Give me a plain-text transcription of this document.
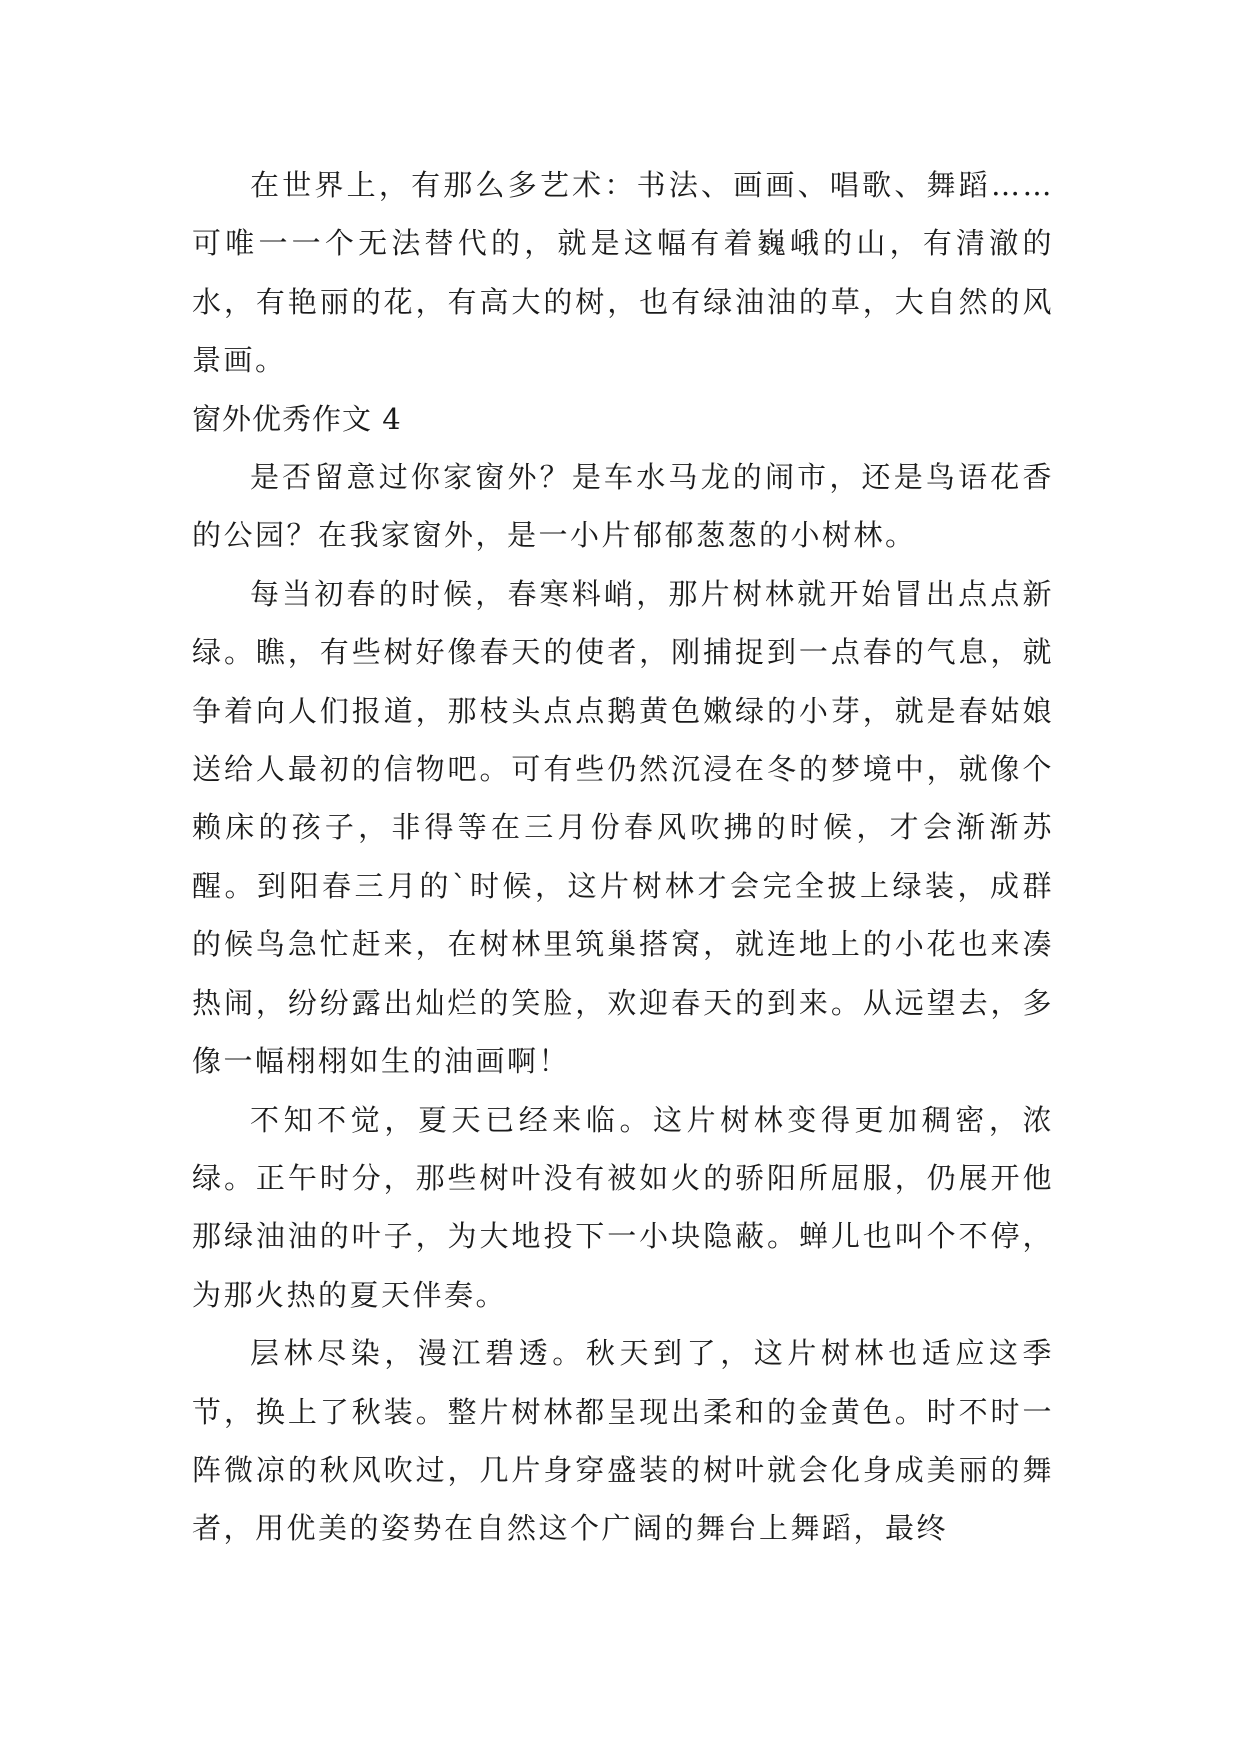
在世界上，有那么多艺术：书法、画画、唱歌、舞蹈……可唯一一个无法替代的，就是这幅有着巍峨的山，有清澈的水，有艳丽的花，有高大的树，也有绿油油的草，大自然的风景画。

窗外优秀作文 4

是否留意过你家窗外？是车水马龙的闹市，还是鸟语花香的公园？在我家窗外，是一小片郁郁葱葱的小树林。

每当初春的时候，春寒料峭，那片树林就开始冒出点点新绿。瞧，有些树好像春天的使者，刚捕捉到一点春的气息，就争着向人们报道，那枝头点点鹅黄色嫩绿的小芽，就是春姑娘送给人最初的信物吧。可有些仍然沉浸在冬的梦境中，就像个赖床的孩子，非得等在三月份春风吹拂的时候，才会渐渐苏醒。到阳春三月的`时候，这片树林才会完全披上绿装，成群的候鸟急忙赶来，在树林里筑巢搭窝，就连地上的小花也来凑热闹，纷纷露出灿烂的笑脸，欢迎春天的到来。从远望去，多像一幅栩栩如生的油画啊！

不知不觉，夏天已经来临。这片树林变得更加稠密，浓绿。正午时分，那些树叶没有被如火的骄阳所屈服，仍展开他那绿油油的叶子，为大地投下一小块隐蔽。蝉儿也叫个不停，为那火热的夏天伴奏。

层林尽染，漫江碧透。秋天到了，这片树林也适应这季节，换上了秋装。整片树林都呈现出柔和的金黄色。时不时一阵微凉的秋风吹过，几片身穿盛装的树叶就会化身成美丽的舞者，用优美的姿势在自然这个广阔的舞台上舞蹈，最终
